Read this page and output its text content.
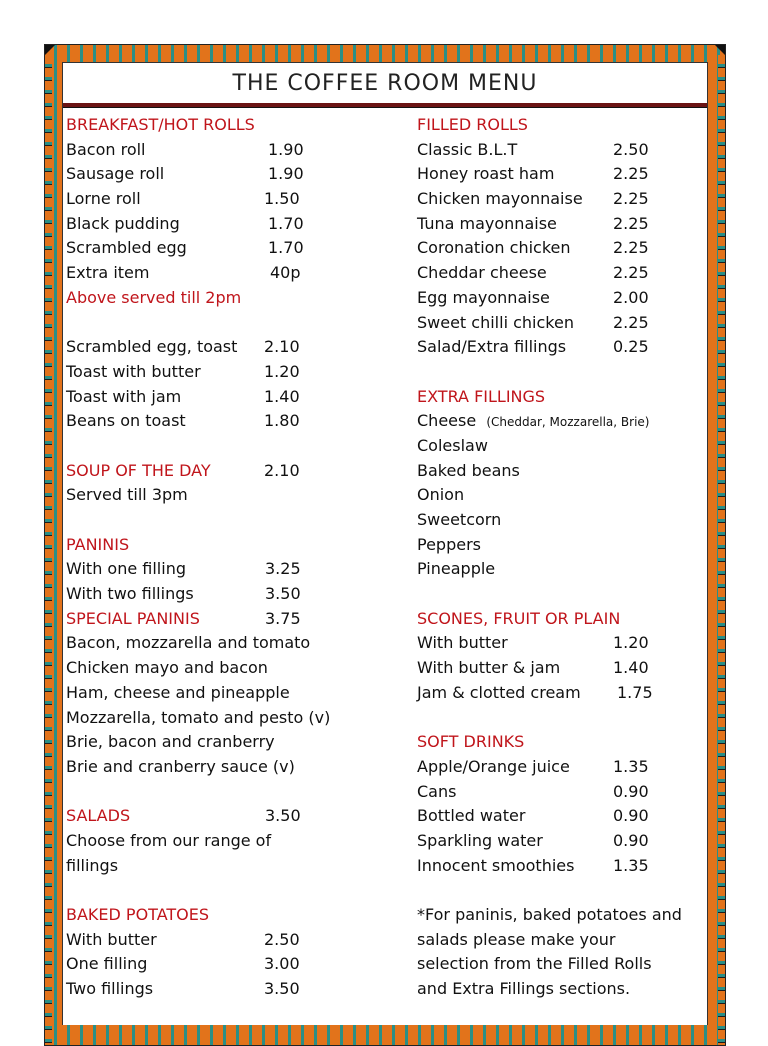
THE COFFEE ROOM MENU
BREAKFAST/HOT ROLLS
Bacon roll	1.90
Sausage roll	1.90
Lorne roll	1.50
Black pudding	1.70
Scrambled egg	1.70
Extra item	40p
Above served till 2pm
Scrambled egg, toast 2.10
Toast with butter	1.20
Toast with jam	1.40
Beans on toast	1.80
SOUP OF THE DAY	2.10
Served till 3pm
PANINIS
With one filling	3.25
With two fillings	3.50
SPECIAL PANINIS	3.75
Bacon, mozzarella and tomato
Chicken mayo and bacon
Ham, cheese and pineapple
Mozzarella, tomato and pesto (v)
Brie, bacon and cranberry
Brie and cranberry sauce (v)
SALADS	3.50
Choose from our range of
fillings
BAKED POTATOES
With butter	2.50
One filling	3.00
Two fillings	3.50
FILLED ROLLS
Classic B.L.T	2.50
Honey roast ham	2.25
Chicken mayonnaise 2.25
Tuna mayonnaise	2.25
Coronation chicken	2.25
Cheddar cheese	2.25
Egg mayonnaise	2.00
Sweet chilli chicken 2.25
Salad/Extra fillings	0.25
EXTRA FILLINGS
Cheese (Cheddar, Mozzarella, Brie)
Coleslaw
Baked beans
Onion
Sweetcorn
Peppers
Pineapple
SCONES, FRUIT OR PLAIN
With butter	1.20
With butter & jam	1.40
Jam & clotted cream 1.75
SOFT DRINKS
Apple/Orange juice	1.35
Cans	0.90
Bottled water	0.90
Sparkling water	0.90
Innocent smoothies 1.35
*For paninis, baked potatoes and
salads please make your
selection from the Filled Rolls
and Extra Fillings sections.
